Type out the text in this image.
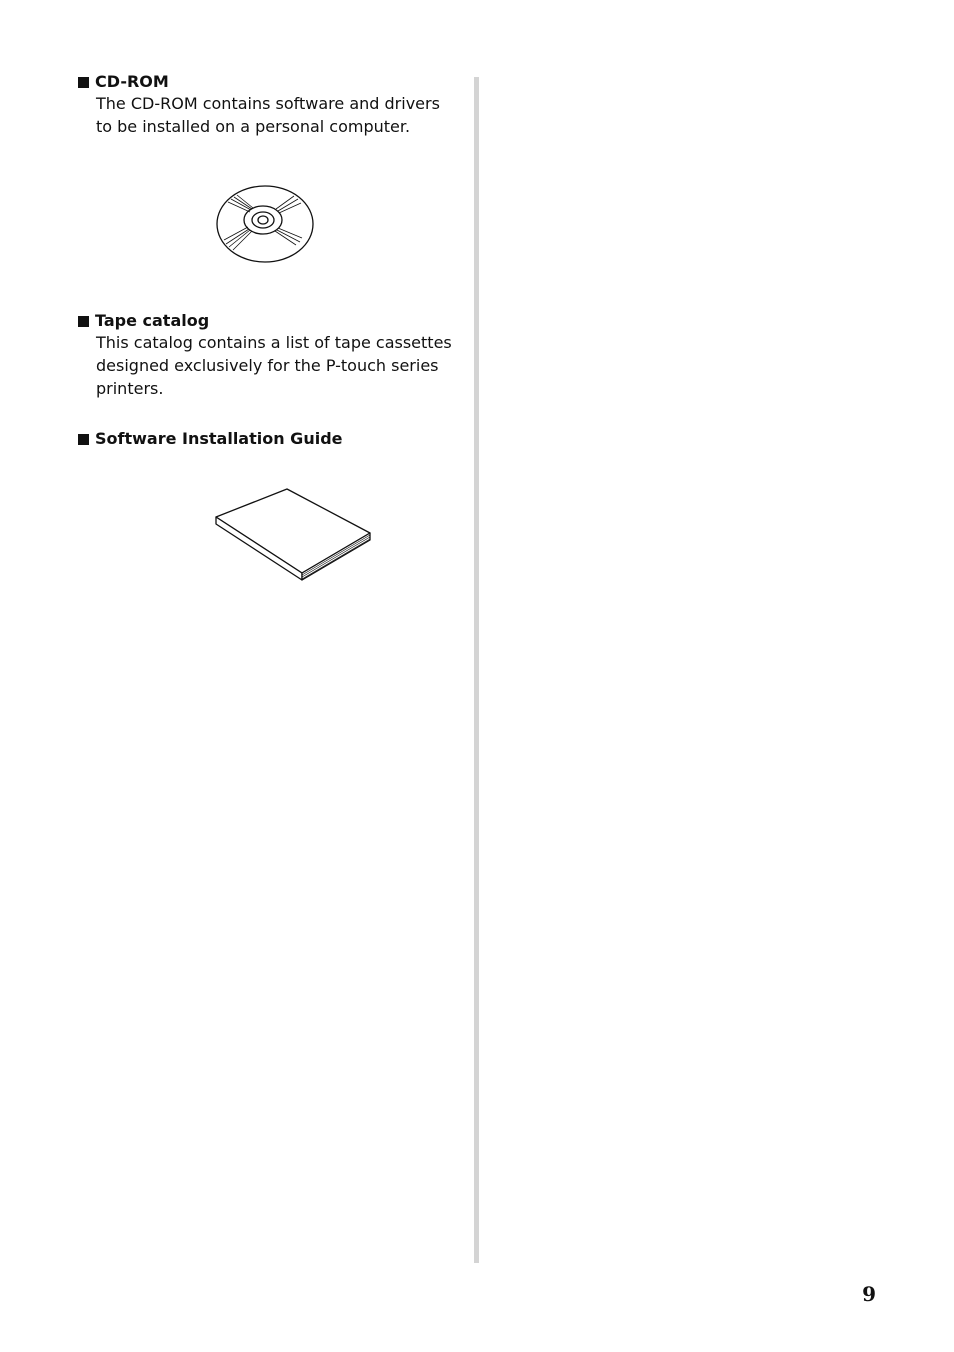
CD-ROM
The CD-ROM contains software and drivers
to be installed on a personal computer.
Tape catalog
This catalog contains a list of tape cassettes
designed exclusively for the P-touch series
printers.
Software Installation Guide
9
